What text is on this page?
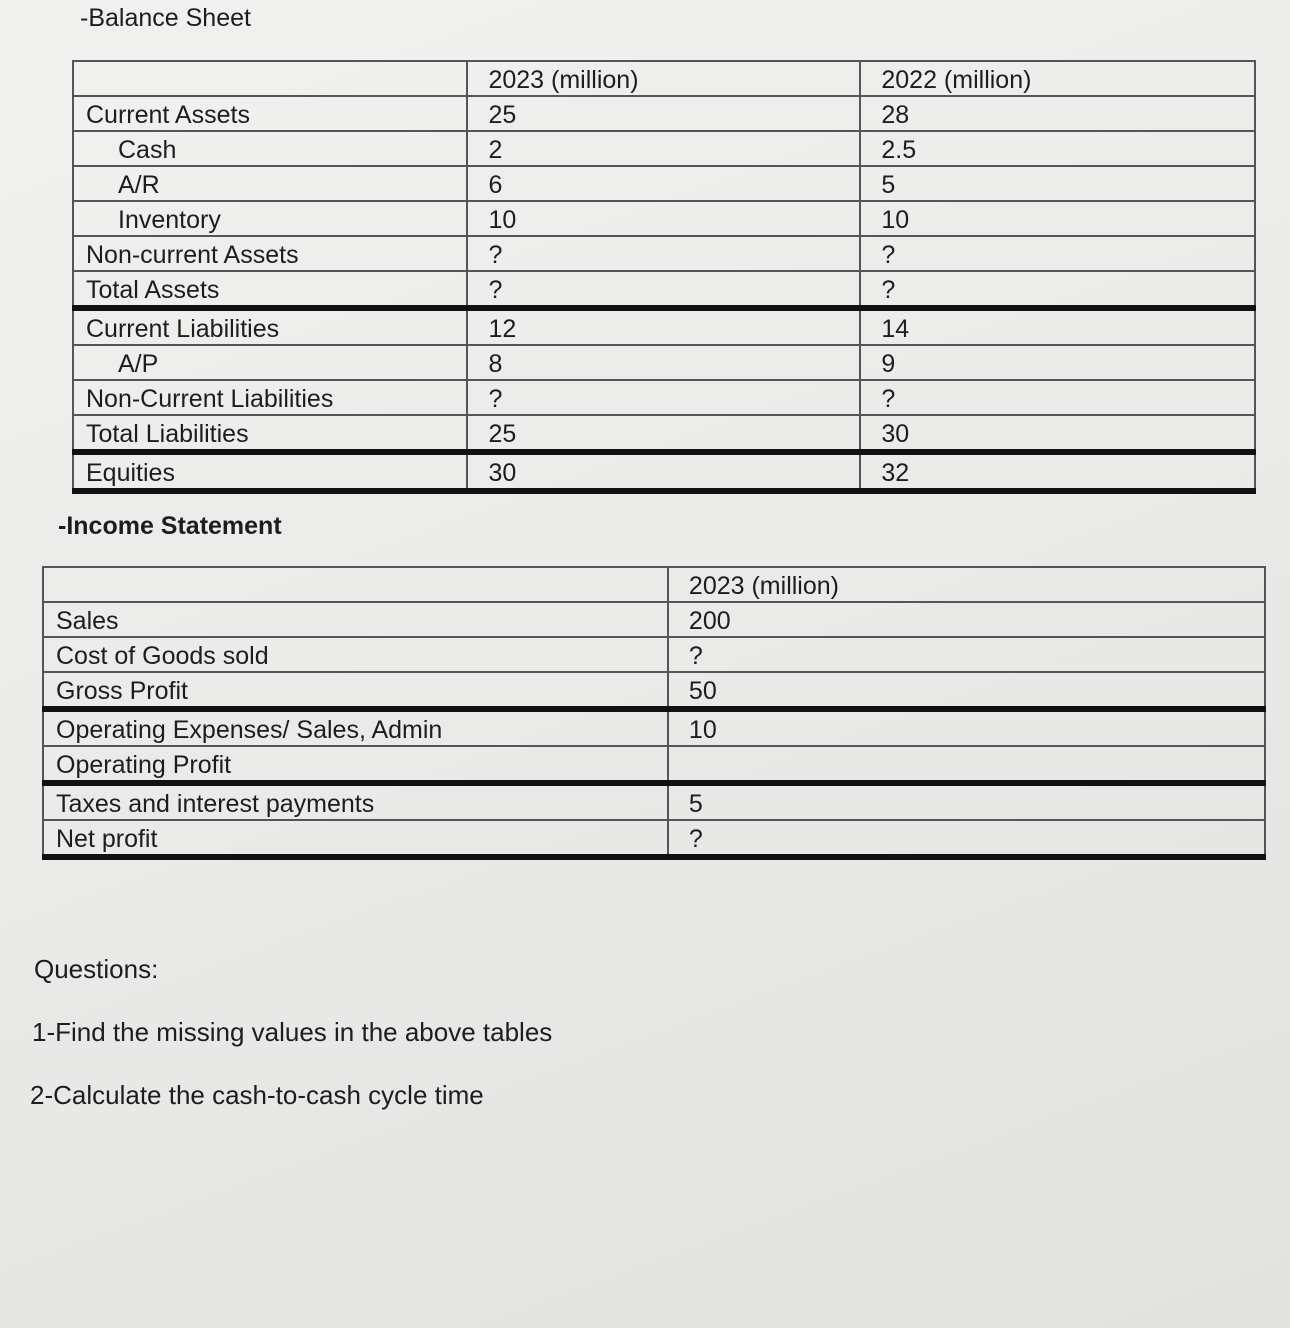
-Balance Sheet
	2023 (million)	2022 (million)
Current Assets	25	28
Cash	2	2.5
A/R	6	5
Inventory	10	10
Non-current Assets	?	?
Total Assets	?	?
Current Liabilities	12	14
A/P	8	9
Non-Current Liabilities	?	?
Total Liabilities	25	30
Equities	30	32
-Income Statement
	2023 (million)
Sales	200
Cost of Goods sold	?
Gross Profit	50
Operating Expenses/ Sales, Admin	10
Operating Profit	
Taxes and interest payments	5
Net profit	?
Questions:
1-Find the missing values in the above tables
2-Calculate the cash-to-cash cycle time
